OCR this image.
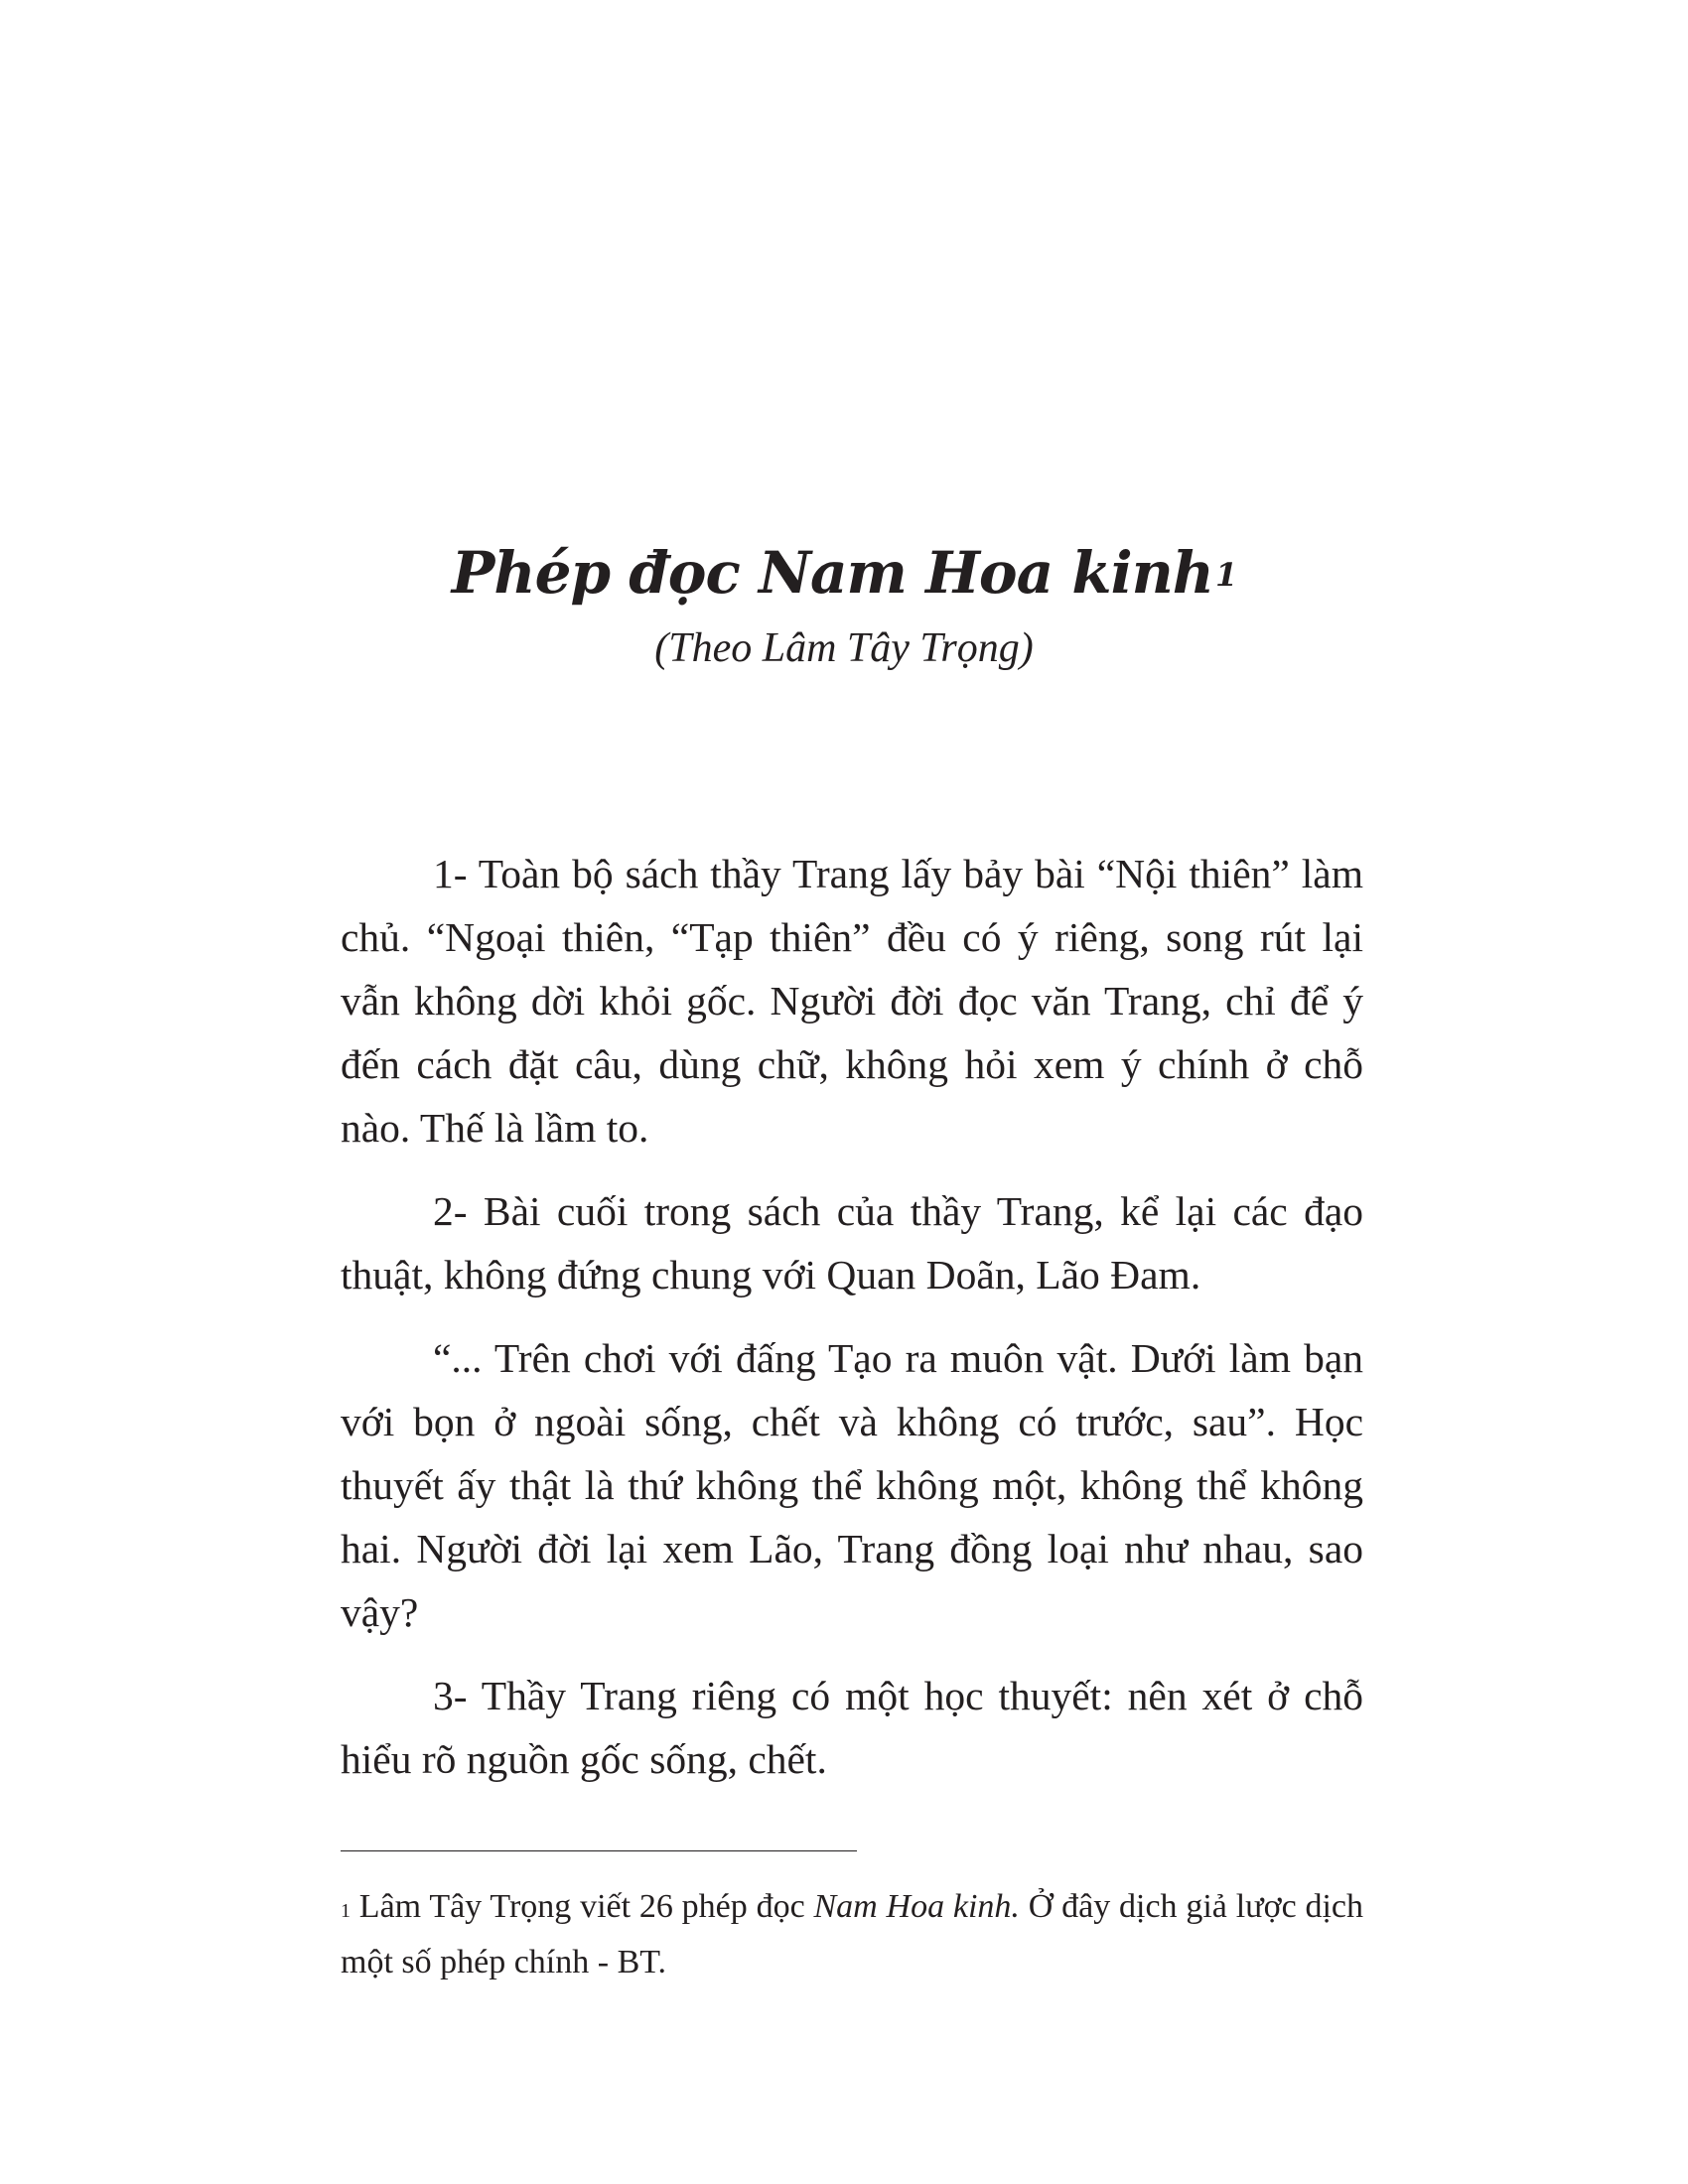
Phép đọc Nam Hoa kinh$^1$
(Theo Lâm Tây Trọng)

1- Toàn bộ sách thầy Trang lấy bảy bài “Nội thiên” làm chủ. “Ngoại thiên, “Tạp thiên” đều có ý riêng, song rút lại vẫn không dời khỏi gốc. Người đời đọc văn Trang, chỉ để ý đến cách đặt câu, dùng chữ, không hỏi xem ý chính ở chỗ nào. Thế là lầm to.

2- Bài cuối trong sách của thầy Trang, kể lại các đạo thuật, không đứng chung với Quan Doãn, Lão Đam.

“... Trên chơi với đấng Tạo ra muôn vật. Dưới làm bạn với bọn ở ngoài sống, chết và không có trước, sau”. Học thuyết ấy thật là thứ không thể không một, không thể không hai. Người đời lại xem Lão, Trang đồng loại như nhau, sao vậy?

3- Thầy Trang riêng có một học thuyết: nên xét ở chỗ hiểu rõ nguồn gốc sống, chết.

$^1$ Lâm Tây Trọng viết 26 phép đọc Nam Hoa kinh. Ở đây dịch giả lược dịch một số phép chính - BT.
